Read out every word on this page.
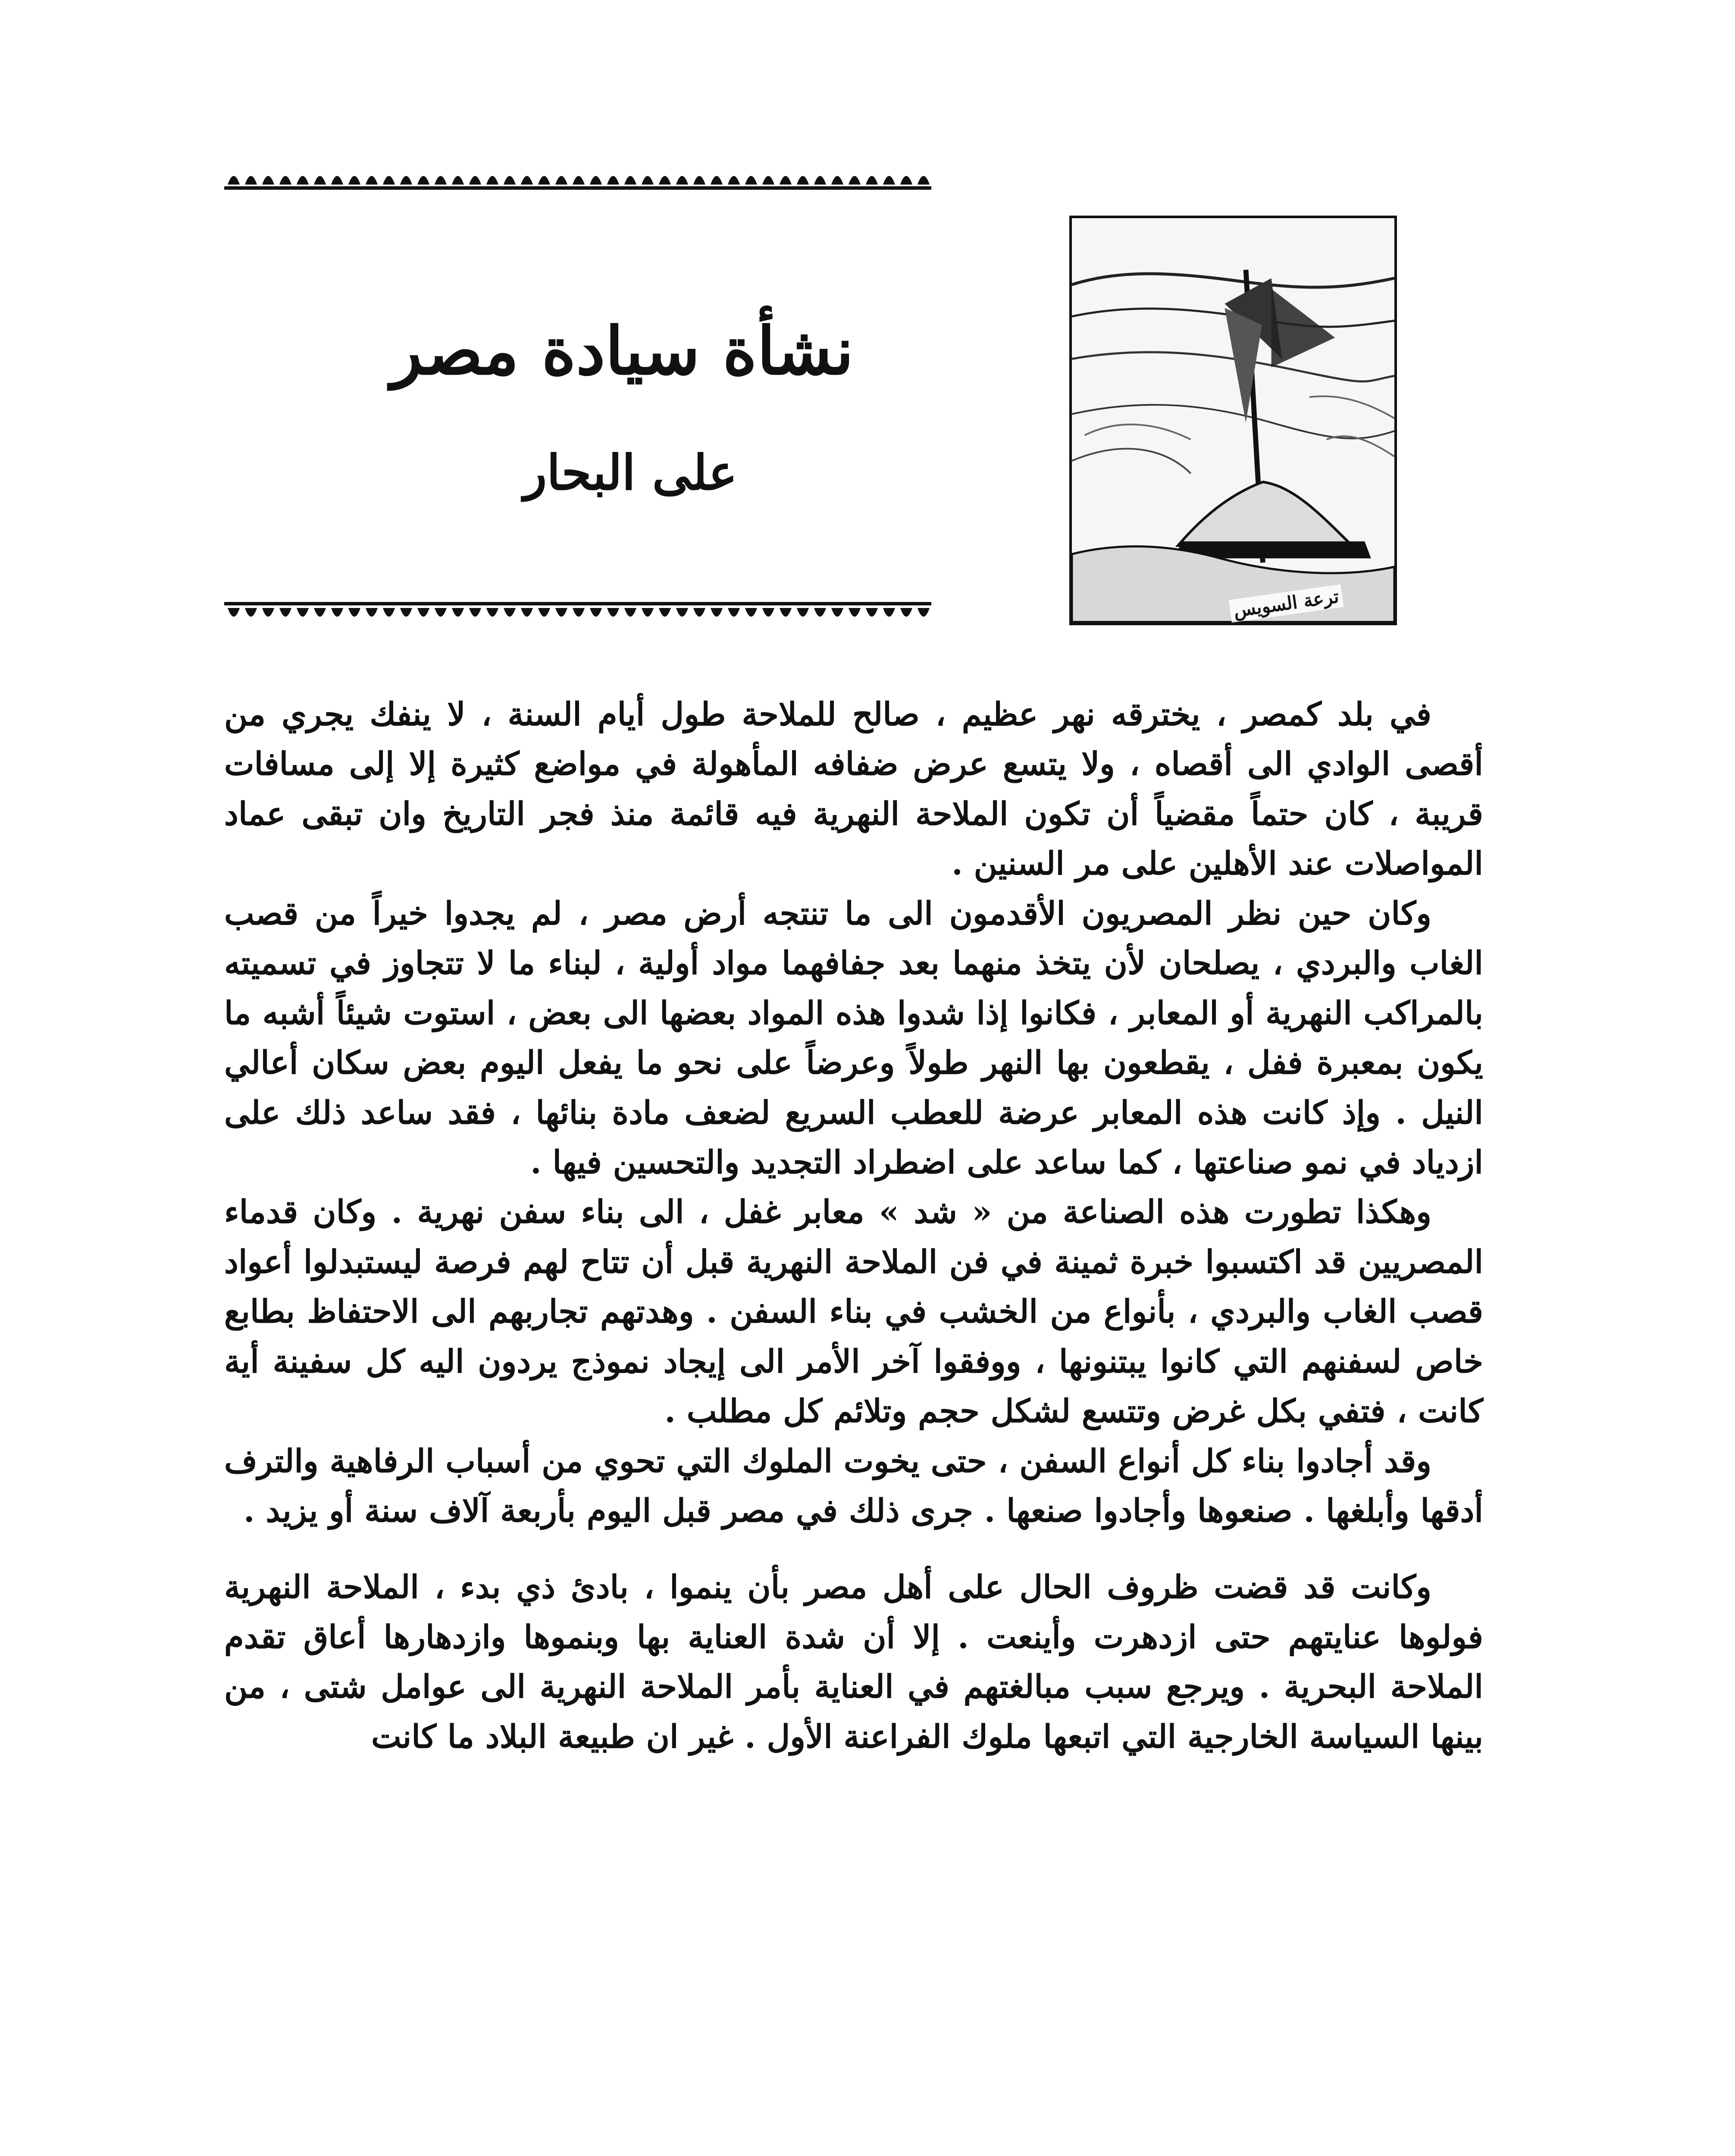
نشأة سيادة مصر
على البحار
ترعة السويس

في بلد كمصر ، يخترقه نهر عظيم ، صالح للملاحة طول أيام السنة ، لا ينفك يجري من أقصى الوادي الى أقصاه ، ولا يتسع عرض ضفافه المأهولة في مواضع كثيرة إلا إلى مسافات قريبة ، كان حتماً مقضياً أن تكون الملاحة النهرية فيه قائمة منذ فجر التاريخ وان تبقى عماد المواصلات عند الأهلين على مر السنين .

وكان حين نظر المصريون الأقدمون الى ما تنتجه أرض مصر ، لم يجدوا خيراً من قصب الغاب والبردي ، يصلحان لأن يتخذ منهما بعد جفافهما مواد أولية ، لبناء ما لا تتجاوز في تسميته بالمراكب النهرية أو المعابر ، فكانوا إذا شدوا هذه المواد بعضها الى بعض ، استوت شيئاً أشبه ما يكون بمعبرة ففل ، يقطعون بها النهر طولاً وعرضاً على نحو ما يفعل اليوم بعض سكان أعالي النيل . وإذ كانت هذه المعابر عرضة للعطب السريع لضعف مادة بنائها ، فقد ساعد ذلك على ازدياد في نمو صناعتها ، كما ساعد على اضطراد التجديد والتحسين فيها .

وهكذا تطورت هذه الصناعة من « شد » معابر غفل ، الى بناء سفن نهرية . وكان قدماء المصريين قد اكتسبوا خبرة ثمينة في فن الملاحة النهرية قبل أن تتاح لهم فرصة ليستبدلوا أعواد قصب الغاب والبردي ، بأنواع من الخشب في بناء السفن . وهدتهم تجاربهم الى الاحتفاظ بطابع خاص لسفنهم التي كانوا يبتنونها ، ووفقوا آخر الأمر الى إيجاد نموذج يردون اليه كل سفينة أية كانت ، فتفي بكل غرض وتتسع لشكل حجم وتلائم كل مطلب .

وقد أجادوا بناء كل أنواع السفن ، حتى يخوت الملوك التي تحوي من أسباب الرفاهية والترف أدقها وأبلغها . صنعوها وأجادوا صنعها . جرى ذلك في مصر قبل اليوم بأربعة آلاف سنة أو يزيد .

وكانت قد قضت ظروف الحال على أهل مصر بأن ينموا ، بادئ ذي بدء ، الملاحة النهرية فولوها عنايتهم حتى ازدهرت وأينعت . إلا أن شدة العناية بها وبنموها وازدهارها أعاق تقدم الملاحة البحرية . ويرجع سبب مبالغتهم في العناية بأمر الملاحة النهرية الى عوامل شتى ، من بينها السياسة الخارجية التي اتبعها ملوك الفراعنة الأول . غير ان طبيعة البلاد ما كانت
